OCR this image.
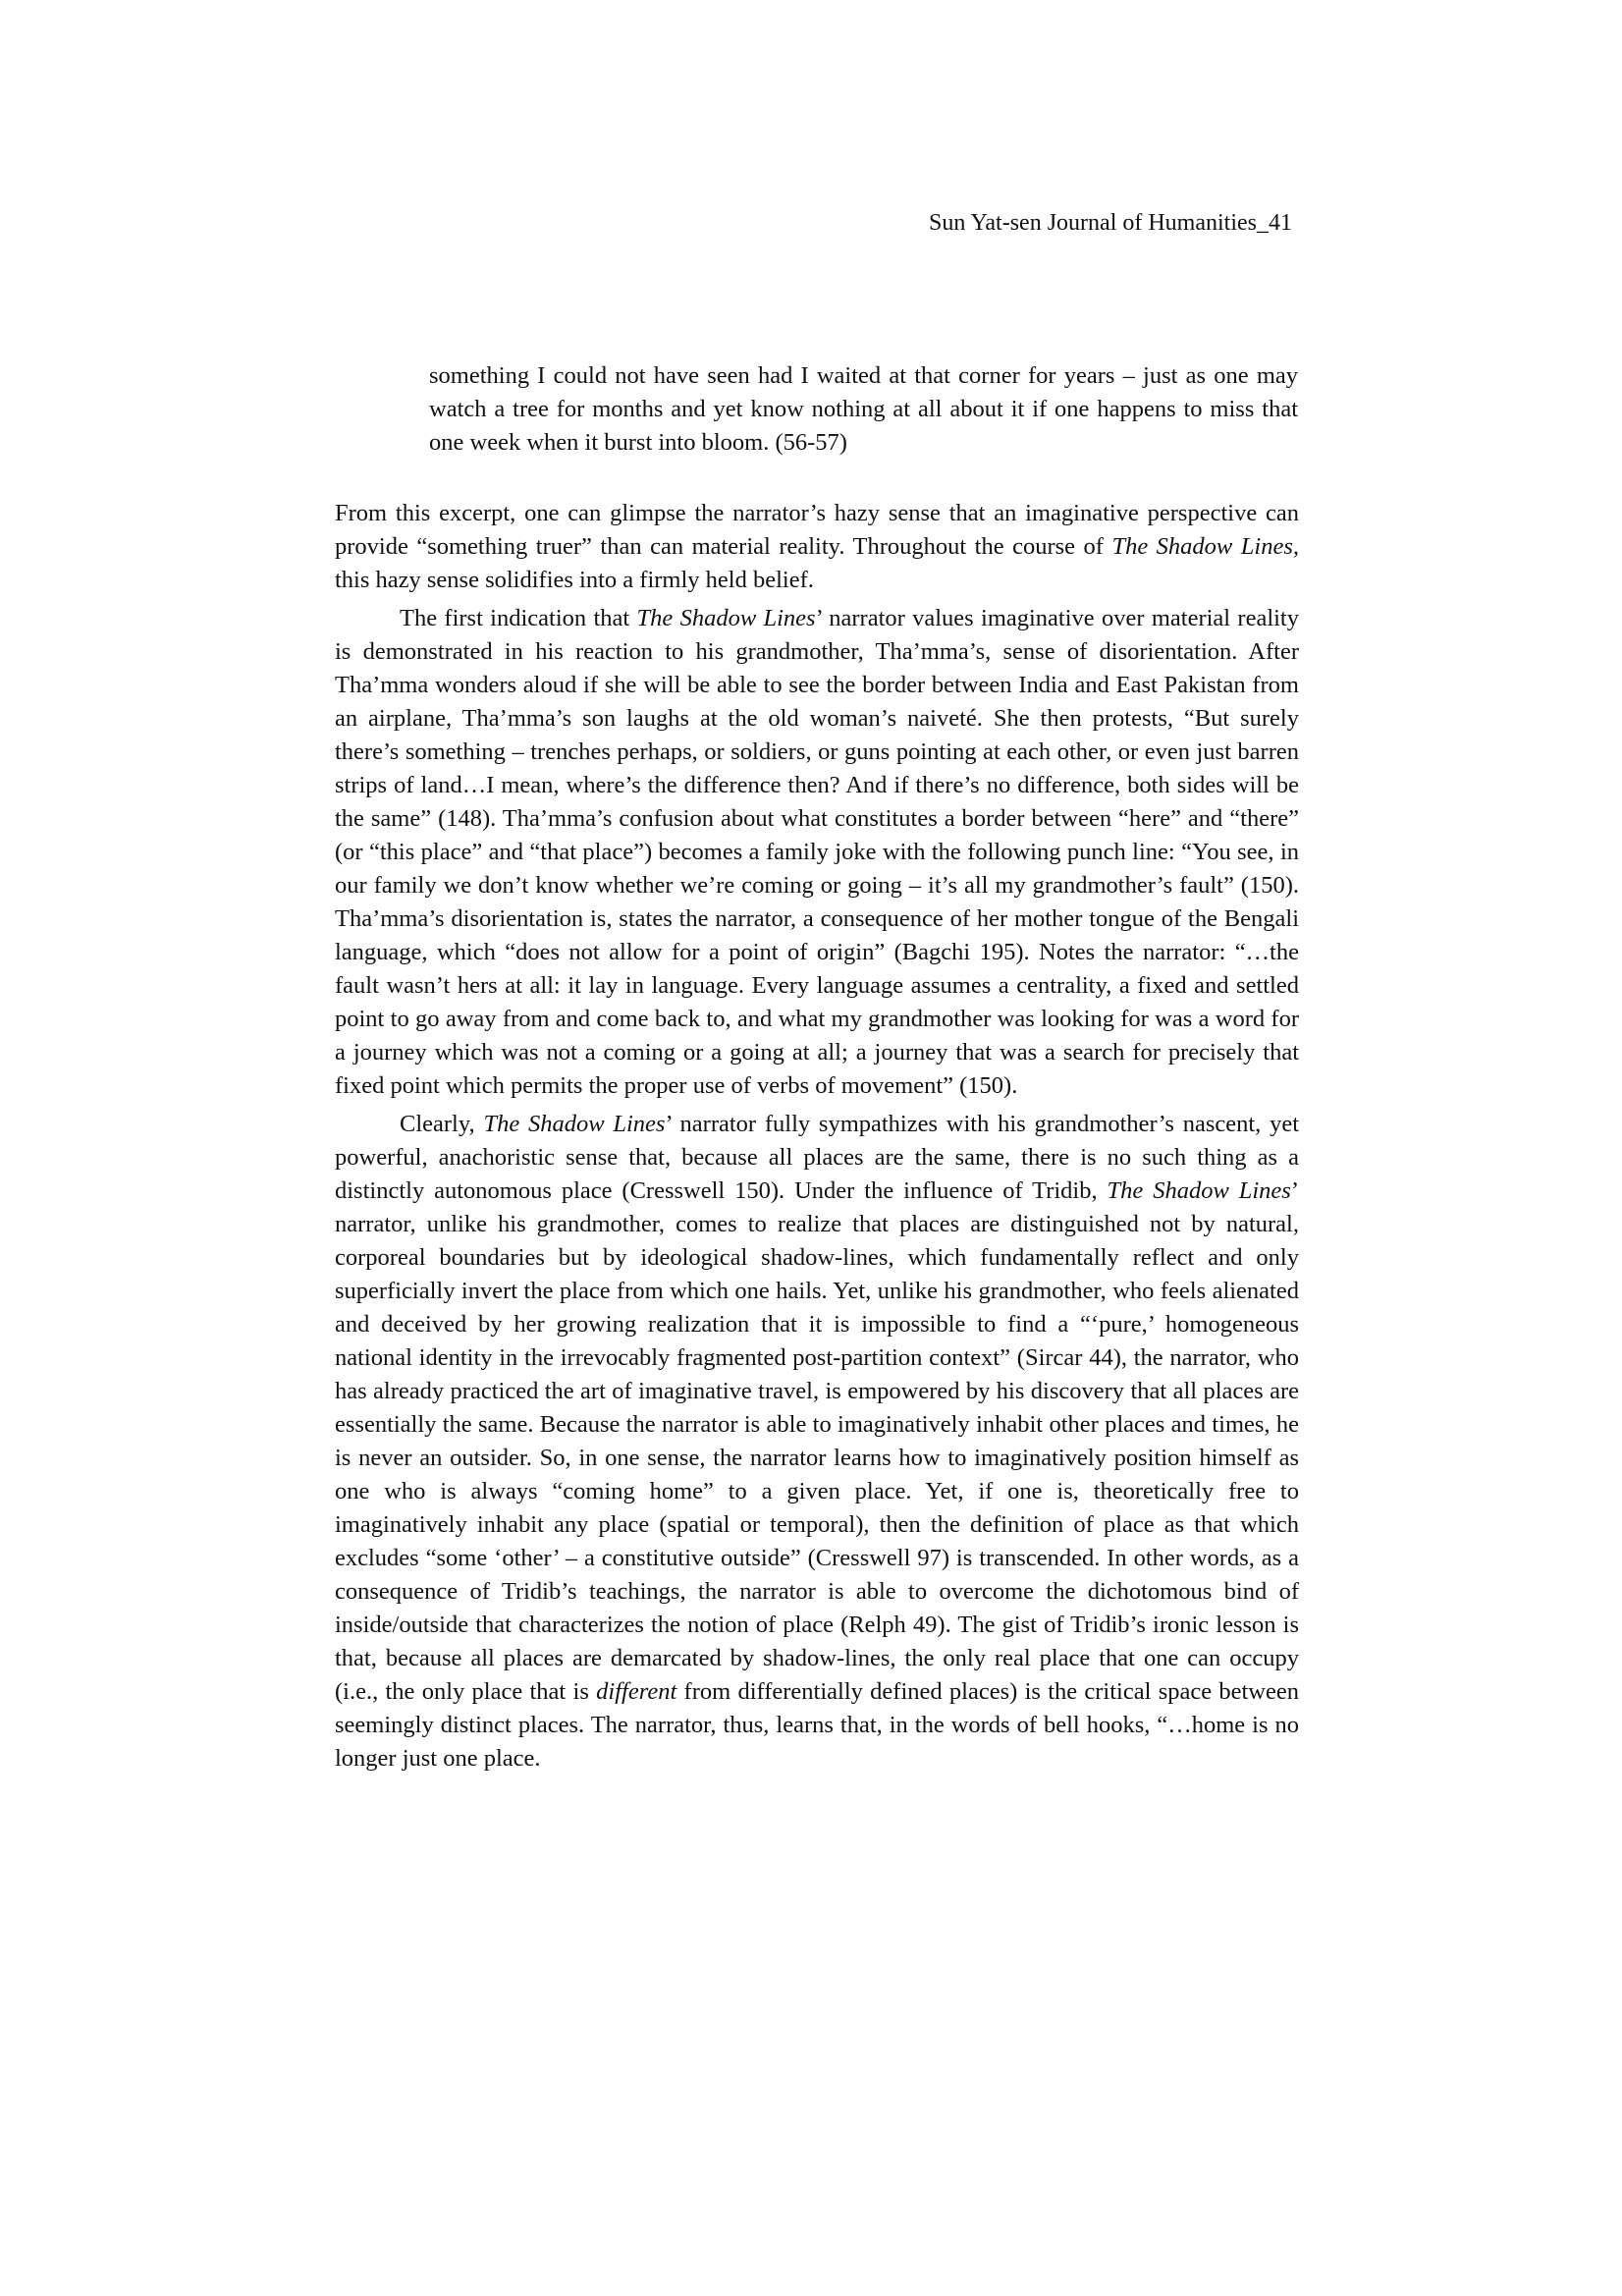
Sun Yat-sen Journal of Humanities_41

something I could not have seen had I waited at that corner for years – just as one may watch a tree for months and yet know nothing at all about it if one happens to miss that one week when it burst into bloom. (56-57)

From this excerpt, one can glimpse the narrator’s hazy sense that an imaginative perspective can provide “something truer” than can material reality. Throughout the course of The Shadow Lines, this hazy sense solidifies into a firmly held belief.

The first indication that The Shadow Lines’ narrator values imaginative over material reality is demonstrated in his reaction to his grandmother, Tha’mma’s, sense of disorientation. After Tha’mma wonders aloud if she will be able to see the border between India and East Pakistan from an airplane, Tha’mma’s son laughs at the old woman’s naiveté. She then protests, “But surely there’s something – trenches perhaps, or soldiers, or guns pointing at each other, or even just barren strips of land…I mean, where’s the difference then? And if there’s no difference, both sides will be the same” (148). Tha’mma’s confusion about what constitutes a border between “here” and “there” (or “this place” and “that place”) becomes a family joke with the following punch line: “You see, in our family we don’t know whether we’re coming or going – it’s all my grandmother’s fault” (150). Tha’mma’s disorientation is, states the narrator, a consequence of her mother tongue of the Bengali language, which “does not allow for a point of origin” (Bagchi 195). Notes the narrator: “…the fault wasn’t hers at all: it lay in language. Every language assumes a centrality, a fixed and settled point to go away from and come back to, and what my grandmother was looking for was a word for a journey which was not a coming or a going at all; a journey that was a search for precisely that fixed point which permits the proper use of verbs of movement” (150).

Clearly, The Shadow Lines’ narrator fully sympathizes with his grandmother’s nascent, yet powerful, anachoristic sense that, because all places are the same, there is no such thing as a distinctly autonomous place (Cresswell 150). Under the influence of Tridib, The Shadow Lines’ narrator, unlike his grandmother, comes to realize that places are distinguished not by natural, corporeal boundaries but by ideological shadow-lines, which fundamentally reflect and only superficially invert the place from which one hails. Yet, unlike his grandmother, who feels alienated and deceived by her growing realization that it is impossible to find a “‘pure,’ homogeneous national identity in the irrevocably fragmented post-partition context” (Sircar 44), the narrator, who has already practiced the art of imaginative travel, is empowered by his discovery that all places are essentially the same. Because the narrator is able to imaginatively inhabit other places and times, he is never an outsider. So, in one sense, the narrator learns how to imaginatively position himself as one who is always “coming home” to a given place. Yet, if one is, theoretically free to imaginatively inhabit any place (spatial or temporal), then the definition of place as that which excludes “some ‘other’ – a constitutive outside” (Cresswell 97) is transcended. In other words, as a consequence of Tridib’s teachings, the narrator is able to overcome the dichotomous bind of inside/outside that characterizes the notion of place (Relph 49). The gist of Tridib’s ironic lesson is that, because all places are demarcated by shadow-lines, the only real place that one can occupy (i.e., the only place that is different from differentially defined places) is the critical space between seemingly distinct places. The narrator, thus, learns that, in the words of bell hooks, “…home is no longer just one place.
